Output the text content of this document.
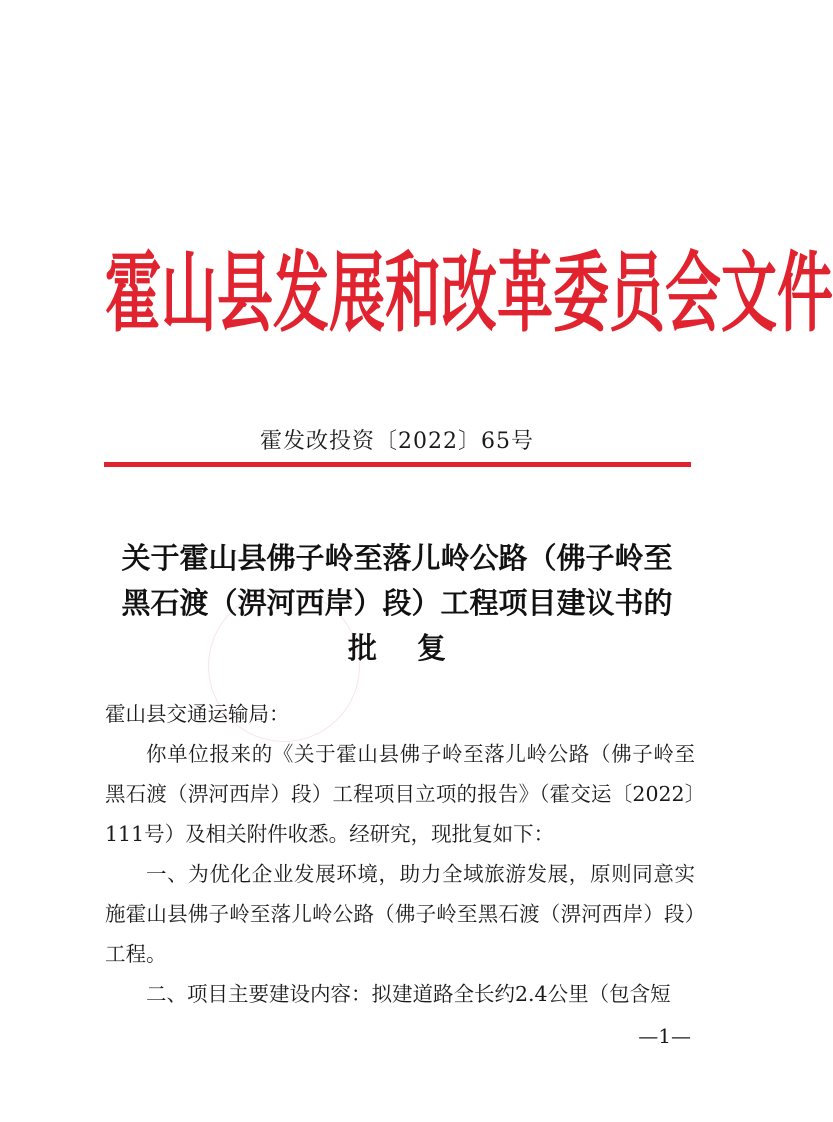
霍 山 县 发 展 和 改 革 委 员 会 文 件
霍发改投资〔2022〕65号
关于霍山县佛子岭至落儿岭公路（佛子岭至
黑石渡（淠河西岸）段）工程项目建议书的
批复
霍山县交通运输局：

你单位报来的《关于霍山县佛子岭至落儿岭公路（佛子岭至黑石渡（淠河西岸）段）工程项目立项的报告》（霍交运〔2022〕111号）及相关附件收悉。经研究，现批复如下：

一、为优化企业发展环境，助力全域旅游发展，原则同意实施霍山县佛子岭至落儿岭公路（佛子岭至黑石渡（淠河西岸）段）工程。

二、项目主要建设内容：拟建道路全长约2.4公里（包含短

—1—
